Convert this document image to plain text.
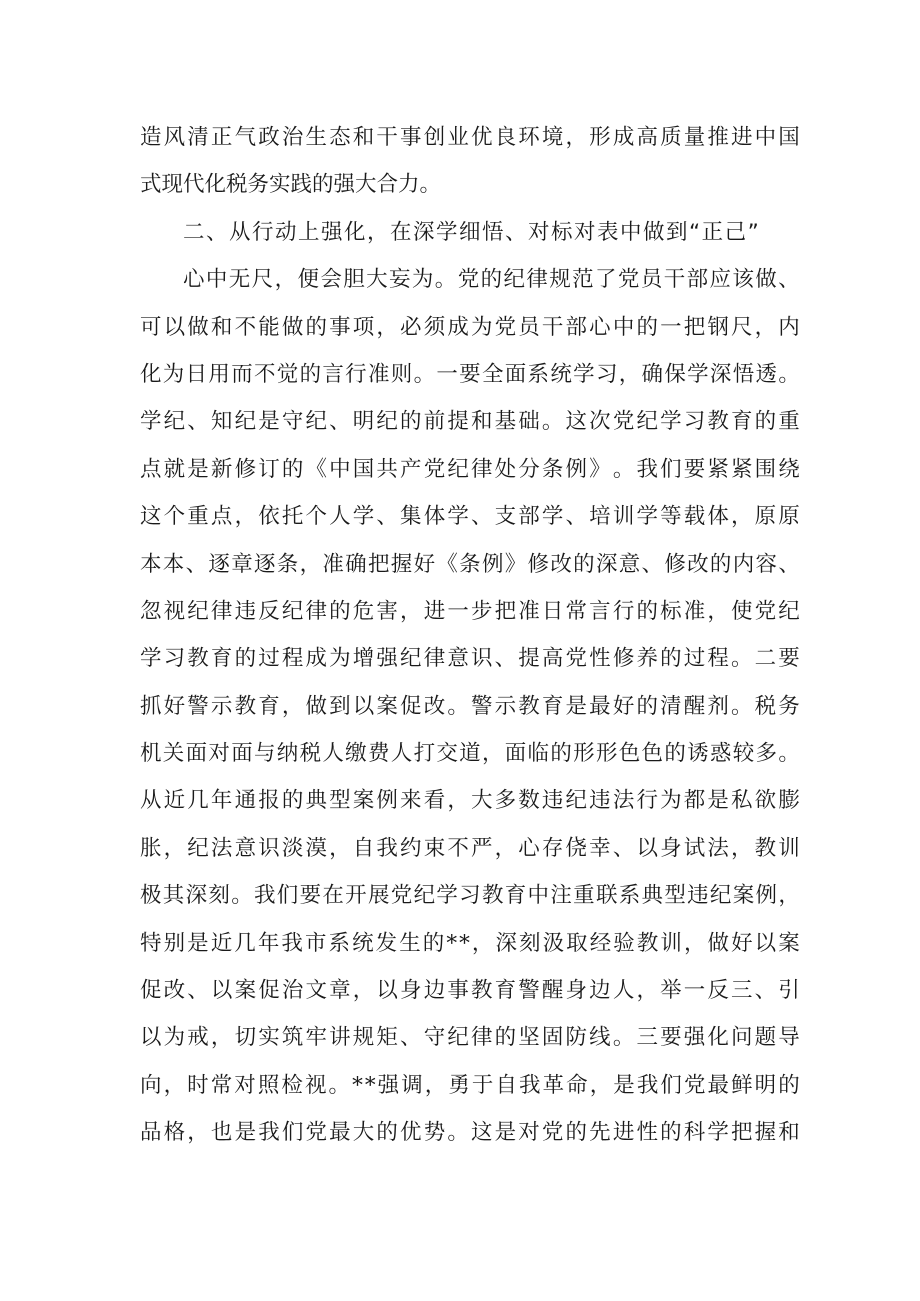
造 风 清 正 气 政 治 生 态 和 干 事 创 业 优 良 环 境 ， 形 成 高 质 量 推 进 中 国
式现代化税务实践的强大合力。
二、从行动上强化，在深学细悟、对标对表中做到“正己”
心 中 无 尺 ， 便 会 胆 大 妄 为 。 党 的 纪 律 规 范 了 党 员 干 部 应 该 做 、
可 以 做 和 不 能 做 的 事 项 ， 必 须 成 为 党 员 干 部 心 中 的 一 把 钢 尺 ， 内
化 为 日 用 而 不 觉 的 言 行 准 则 。 一 要 全 面 系 统 学 习 ， 确 保 学 深 悟 透 。
学 纪 、 知 纪 是 守 纪 、 明 纪 的 前 提 和 基 础 。 这 次 党 纪 学 习 教 育 的 重
点 就 是 新 修 订 的 《 中 国 共 产 党 纪 律 处 分 条 例 》 。 我 们 要 紧 紧 围 绕
这 个 重 点 ， 依 托 个 人 学 、 集 体 学 、 支 部 学 、 培 训 学 等 载 体 ， 原 原
本 本 、 逐 章 逐 条 ， 准 确 把 握 好 《 条 例 》 修 改 的 深 意 、 修 改 的 内 容 、
忽 视 纪 律 违 反 纪 律 的 危 害 ， 进 一 步 把 准 日 常 言 行 的 标 准 ， 使 党 纪
学 习 教 育 的 过 程 成 为 增 强 纪 律 意 识 、 提 高 党 性 修 养 的 过 程 。 二 要
抓 好 警 示 教 育 ， 做 到 以 案 促 改 。 警 示 教 育 是 最 好 的 清 醒 剂 。 税 务
机 关 面 对 面 与 纳 税 人 缴 费 人 打 交 道 ， 面 临 的 形 形 色 色 的 诱 惑 较 多 。
从 近 几 年 通 报 的 典 型 案 例 来 看 ， 大 多 数 违 纪 违 法 行 为 都 是 私 欲 膨
胀 ， 纪 法 意 识 淡 漠 ， 自 我 约 束 不 严 ， 心 存 侥 幸 、 以 身 试 法 ， 教 训
极 其 深 刻 。 我 们 要 在 开 展 党 纪 学 习 教 育 中 注 重 联 系 典 型 违 纪 案 例 ，
特 别 是 近 几 年 我 市 系 统 发 生 的 * * ， 深 刻 汲 取 经 验 教 训 ， 做 好 以 案
促 改 、 以 案 促 治 文 章 ， 以 身 边 事 教 育 警 醒 身 边 人 ， 举 一 反 三 、 引
以 为 戒 ， 切 实 筑 牢 讲 规 矩 、 守 纪 律 的 坚 固 防 线 。 三 要 强 化 问 题 导
向 ， 时 常 对 照 检 视 。 * * 强 调 ， 勇 于 自 我 革 命 ， 是 我 们 党 最 鲜 明 的
品 格 ， 也 是 我 们 党 最 大 的 优 势 。 这 是 对 党 的 先 进 性 的 科 学 把 握 和
